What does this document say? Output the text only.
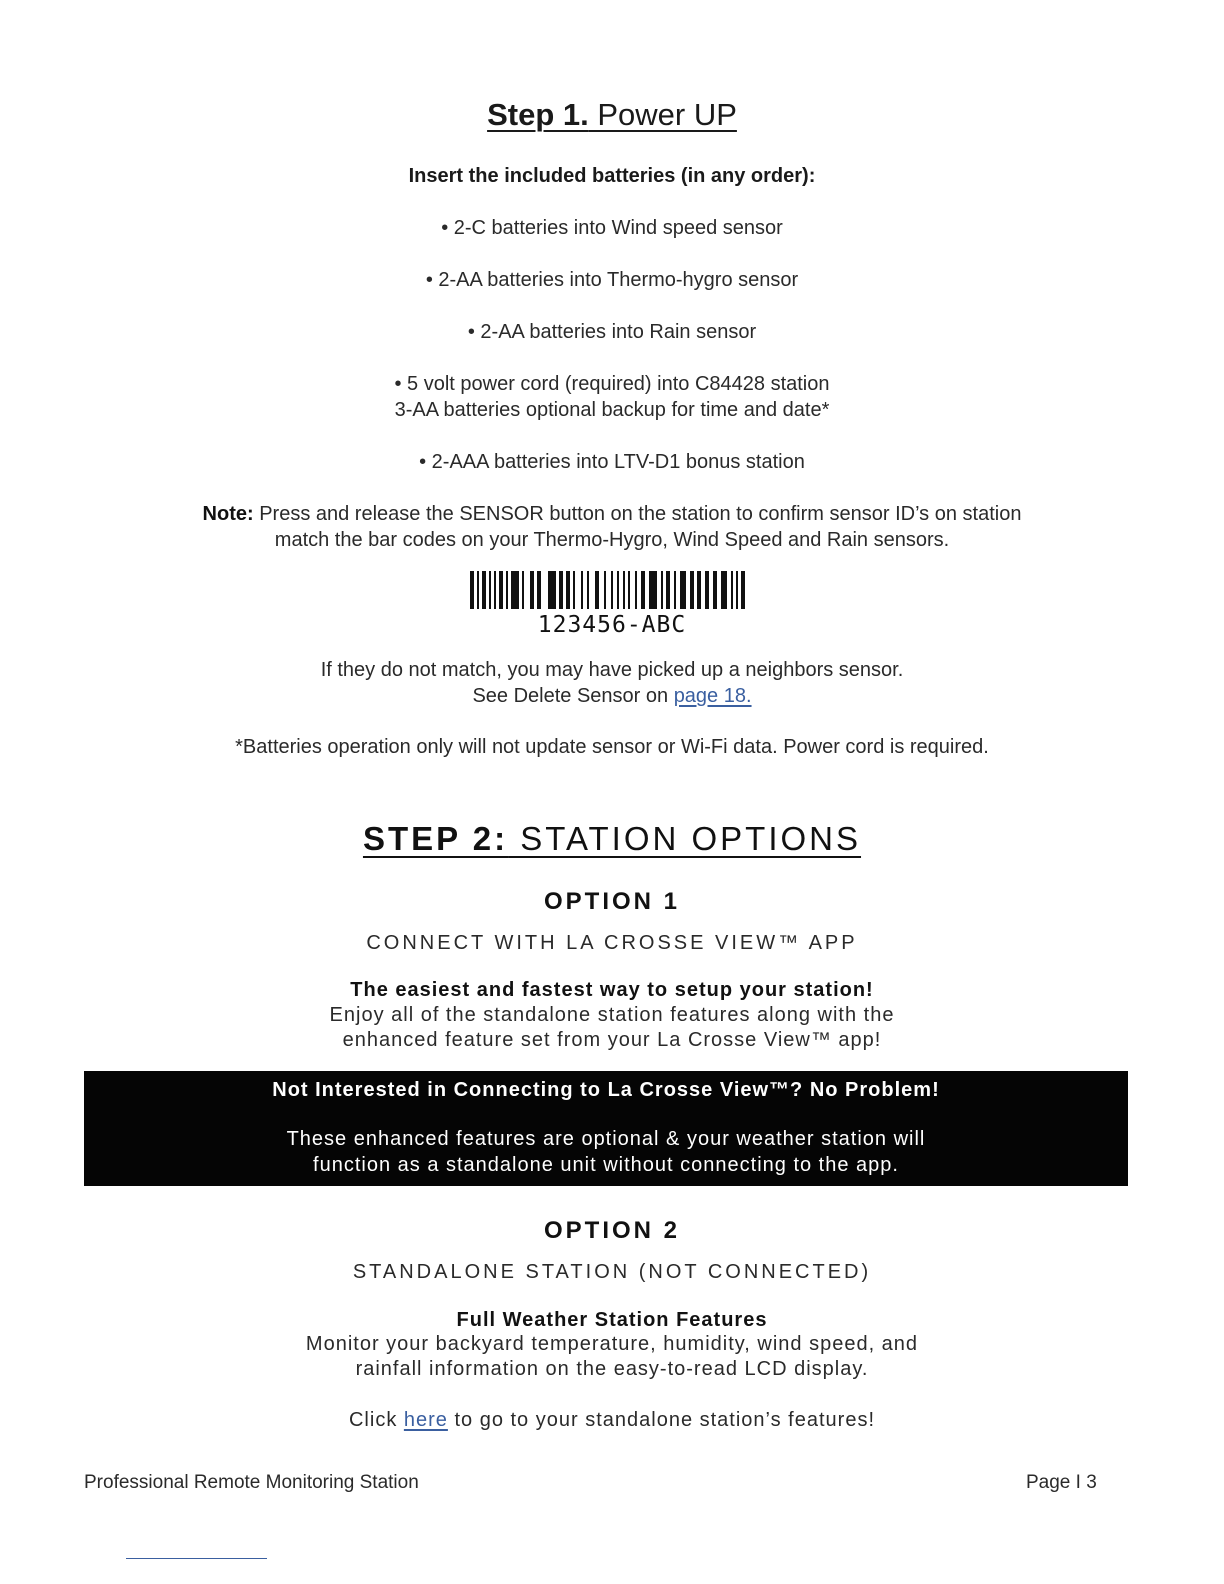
Step 1. Power UP
Insert the included batteries (in any order):
• 2-C batteries into Wind speed sensor
• 2-AA batteries into Thermo-hygro sensor
• 2-AA batteries into Rain sensor
• 5 volt power cord (required) into C84428 station
3-AA batteries optional backup for time and date*
• 2-AAA batteries into LTV-D1 bonus station
Note: Press and release the SENSOR button on the station to confirm sensor ID’s on station
match the bar codes on your Thermo-Hygro, Wind Speed and Rain sensors.
123456-ABC
If they do not match, you may have picked up a neighbors sensor.
See Delete Sensor on page 18.
*Batteries operation only will not update sensor or Wi-Fi data. Power cord is required.
STEP 2: STATION OPTIONS
OPTION 1
CONNECT WITH LA CROSSE VIEW™ APP
The easiest and fastest way to setup your station!
Enjoy all of the standalone station features along with the
enhanced feature set from your La Crosse View™ app!
Not Interested in Connecting to La Crosse View™? No Problem!
These enhanced features are optional & your weather station will
function as a standalone unit without connecting to the app.
OPTION 2
STANDALONE STATION (NOT CONNECTED)
Full Weather Station Features
Monitor your backyard temperature, humidity, wind speed, and
rainfall information on the easy-to-read LCD display.
Click here to go to your standalone station’s features!
Professional Remote Monitoring Station	Page I 3
